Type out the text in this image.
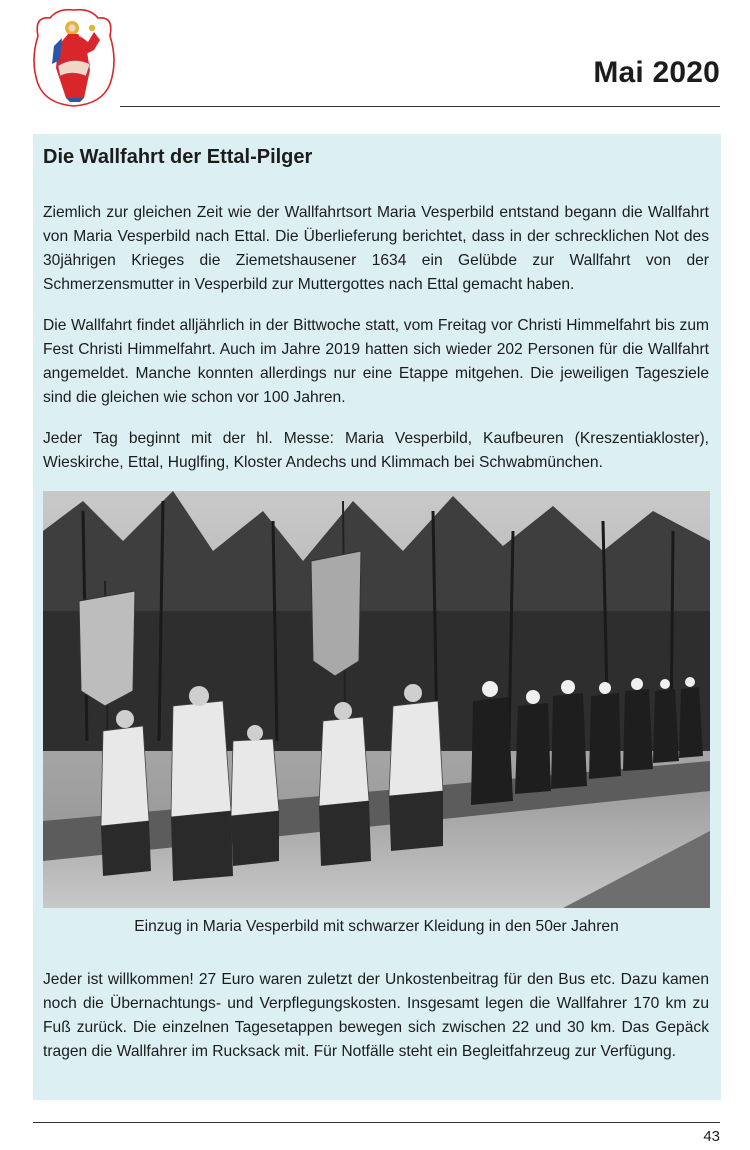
Mai 2020
Die Wallfahrt der Ettal-Pilger

Ziemlich zur gleichen Zeit wie der Wallfahrtsort Maria Vesperbild entstand begann die Wallfahrt von Maria Vesperbild nach Ettal. Die Überlieferung berichtet, dass in der schrecklichen Not des 30jährigen Krieges die Ziemetshausener 1634 ein Gelübde zur Wallfahrt von der Schmerzensmutter in Vesperbild zur Muttergottes nach Ettal gemacht haben.

Die Wallfahrt findet alljährlich in der Bittwoche statt, vom Freitag vor Christi Himmelfahrt bis zum Fest Christi Himmelfahrt. Auch im Jahre 2019 hatten sich wieder 202 Personen für die Wallfahrt angemeldet. Manche konnten allerdings nur eine Etappe mitgehen. Die jeweiligen Tagesziele sind die gleichen wie schon vor 100 Jahren.

Jeder Tag beginnt mit der hl. Messe: Maria Vesperbild, Kaufbeuren (Kreszentiakloster), Wieskirche, Ettal, Huglfing, Kloster Andechs und Klimmach bei Schwabmünchen.

Einzug in Maria Vesperbild mit schwarzer Kleidung in den 50er Jahren

Jeder ist willkommen! 27 Euro waren zuletzt der Unkostenbeitrag für den Bus etc. Dazu kamen noch die Übernachtungs- und Verpflegungskosten. Insgesamt legen die Wallfahrer 170 km zu Fuß zurück. Die einzelnen Tagesetappen bewegen sich zwischen 22 und 30 km. Das Gepäck tragen die Wallfahrer im Rucksack mit. Für Notfälle steht ein Begleitfahrzeug zur Verfügung.

43
